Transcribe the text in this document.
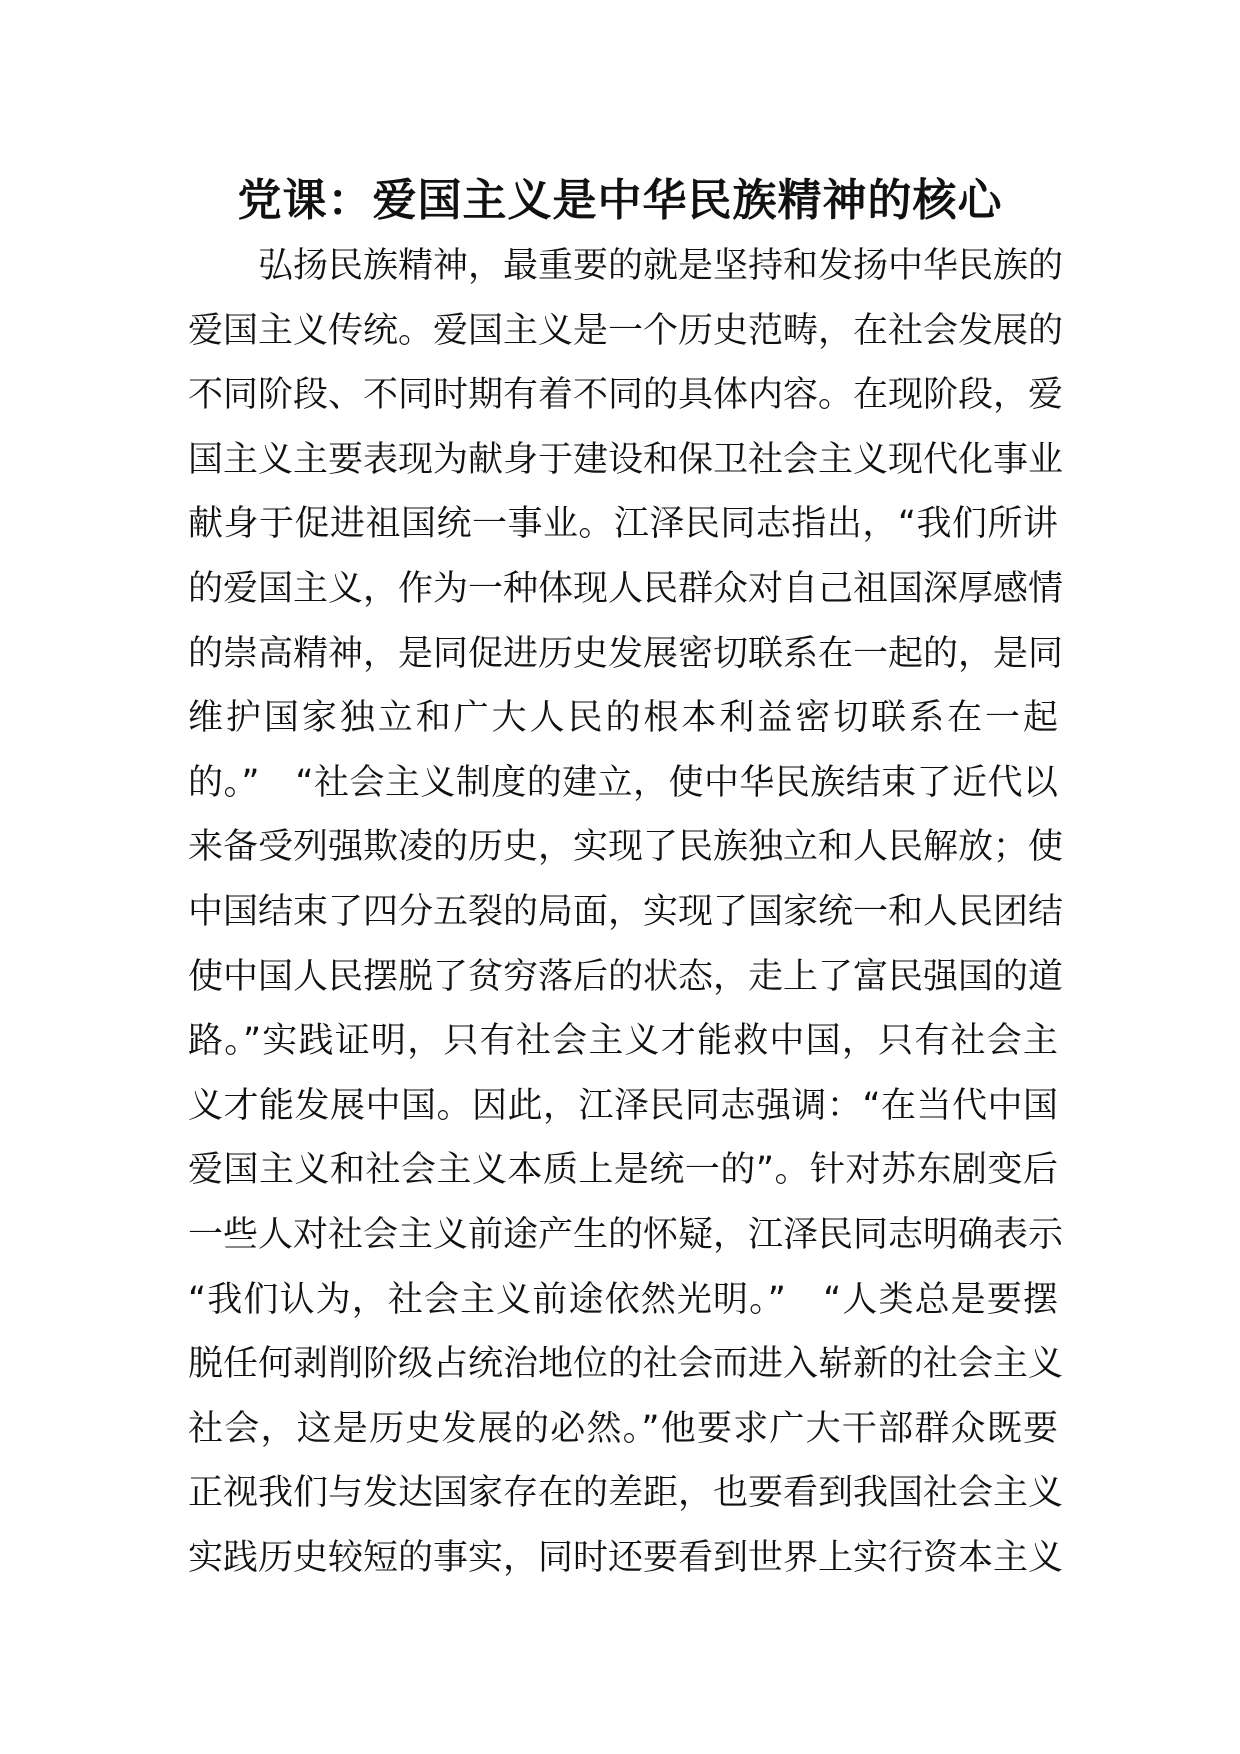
党课：爱国主义是中华民族精神的核心
弘扬民族精神，最重要的就是坚持和发扬中华民族的
爱国主义传统。爱国主义是一个历史范畴，在社会发展的
不同阶段、不同时期有着不同的具体内容。在现阶段，爱
国主义主要表现为献身于建设和保卫社会主义现代化事业
献身于促进祖国统一事业。江泽民同志指出，“我们所讲
的爱国主义，作为一种体现人民群众对自己祖国深厚感情
的崇高精神，是同促进历史发展密切联系在一起的，是同
维护国家独立和广大人民的根本利益密切联系在一起
的。”　“社会主义制度的建立，使中华民族结束了近代以
来备受列强欺凌的历史，实现了民族独立和人民解放；使
中国结束了四分五裂的局面，实现了国家统一和人民团结
使中国人民摆脱了贫穷落后的状态，走上了富民强国的道
路。”实践证明，只有社会主义才能救中国，只有社会主
义才能发展中国。因此，江泽民同志强调：“在当代中国
爱国主义和社会主义本质上是统一的”。针对苏东剧变后
一些人对社会主义前途产生的怀疑，江泽民同志明确表示
“我们认为，社会主义前途依然光明。”　“人类总是要摆
脱任何剥削阶级占统治地位的社会而进入崭新的社会主义
社会，这是历史发展的必然。”他要求广大干部群众既要
正视我们与发达国家存在的差距，也要看到我国社会主义
实践历史较短的事实，同时还要看到世界上实行资本主义
